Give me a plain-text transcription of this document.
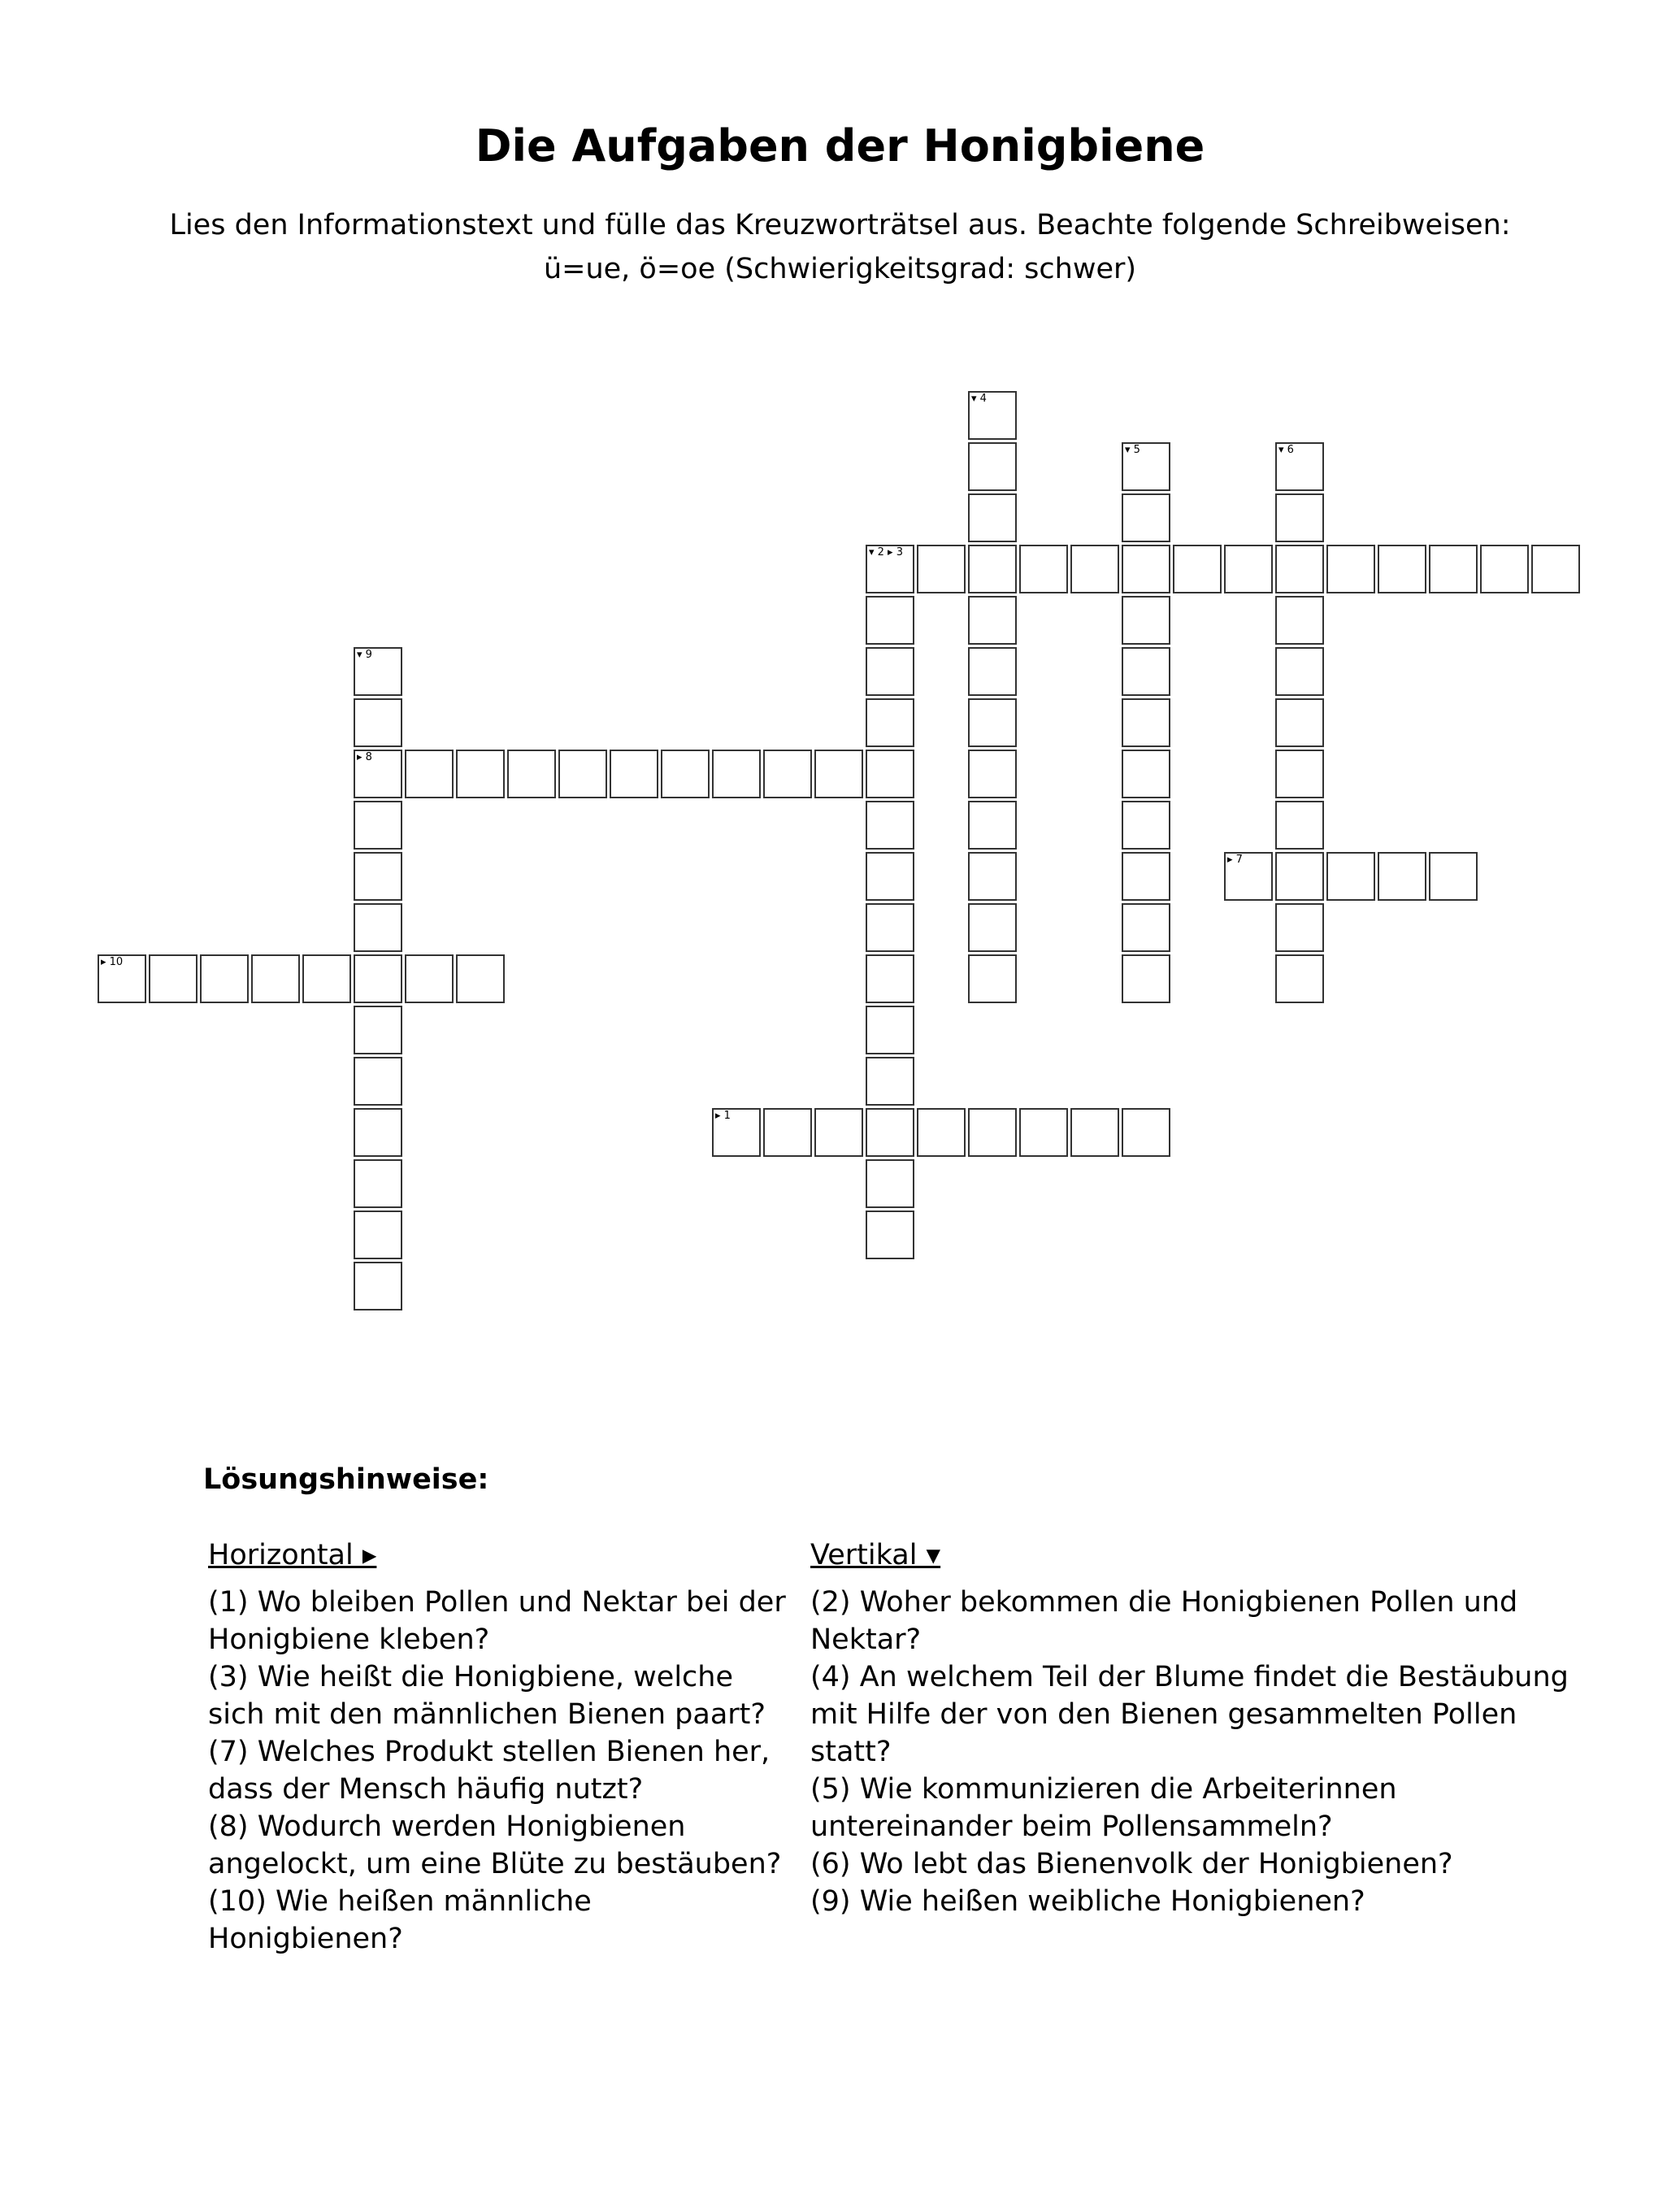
Die Aufgaben der Honigbiene

Lies den Informationstext und fülle das Kreuzworträtsel aus. Beachte folgende Schreibweisen: ü=ue, ö=oe (Schwierigkeitsgrad: schwer)

▸ 1
▾ 2 ▸ 3
▾ 4
▾ 5	▾ 6
▸ 7
▸ 8
▾ 9
▸ 10
Lösungshinweise:
Horizontal ▸

(1) Wo bleiben Pollen und Nektar bei der Honigbiene kleben?

(3) Wie heißt die Honigbiene, welche sich mit den männlichen Bienen paart?

(7) Welches Produkt stellen Bienen her, dass der Mensch häufig nutzt?

(8) Wodurch werden Honigbienen angelockt, um eine Blüte zu bestäuben?

(10) Wie heißen männliche Honigbienen?

Vertikal ▾

(2) Woher bekommen die Honigbienen Pollen und Nektar?

(4) An welchem Teil der Blume findet die Bestäubung mit Hilfe der von den Bienen gesammelten Pollen statt?

(5) Wie kommunizieren die Arbeiterinnen untereinander beim Pollensammeln?

(6) Wo lebt das Bienenvolk der Honigbienen?

(9) Wie heißen weibliche Honigbienen?
